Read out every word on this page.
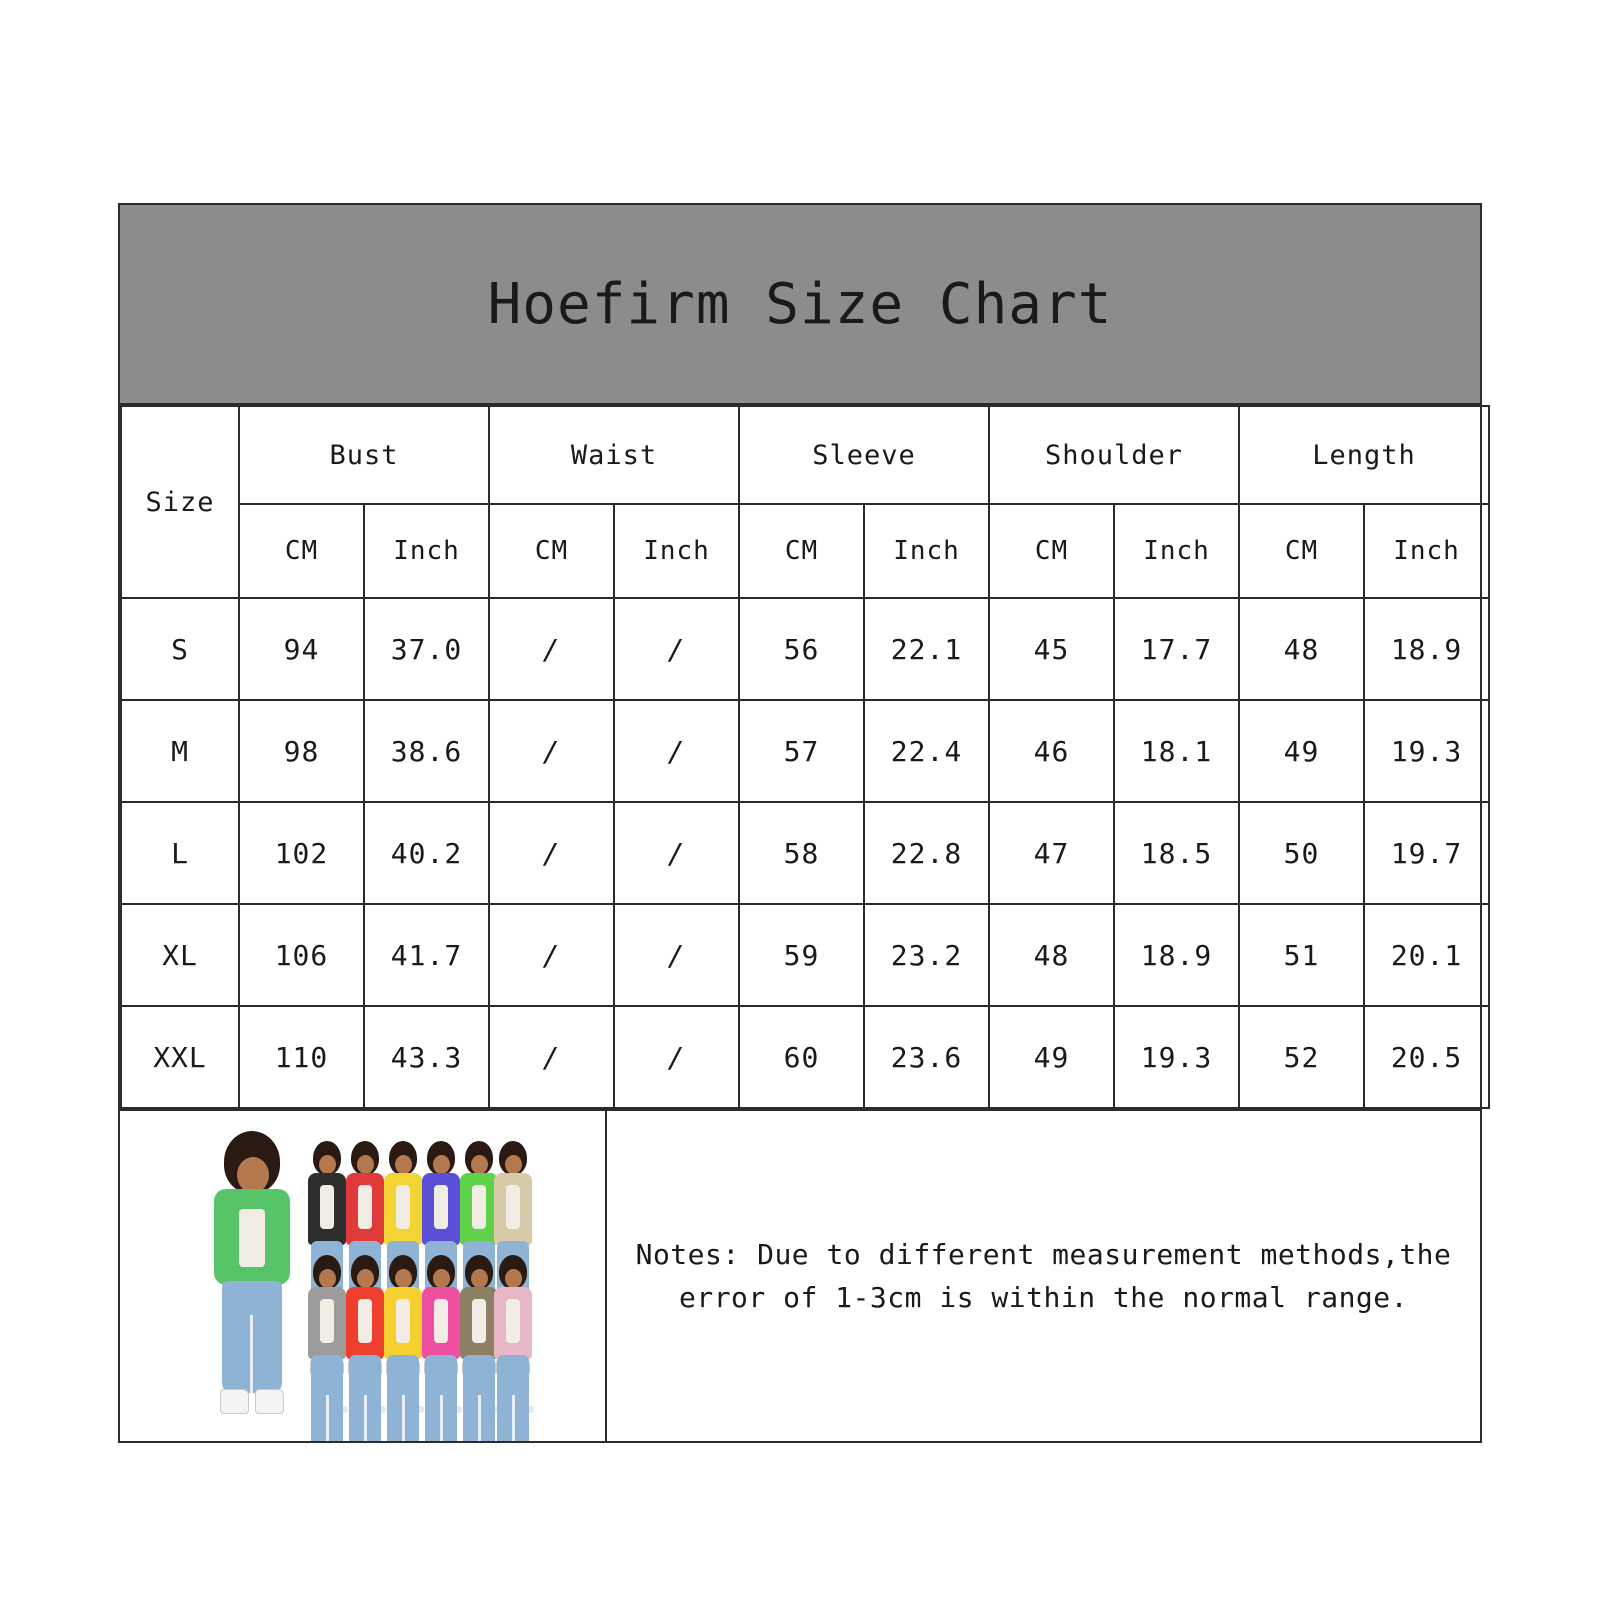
Hoefirm Size Chart
Size	Bust		Waist		Sleeve		Shoulder		Length	
	CM	Inch	CM	Inch	CM	Inch	CM	Inch	CM	Inch
S	94	37.0	/	/	56	22.1	45	17.7	48	18.9
M	98	38.6	/	/	57	22.4	46	18.1	49	19.3
L	102	40.2	/	/	58	22.8	47	18.5	50	19.7
XL	106	41.7	/	/	59	23.2	48	18.9	51	20.1
XXL	110	43.3	/	/	60	23.6	49	19.3	52	20.5
Notes: Due to different measurement methods,the error of 1-3cm is within the normal range.
